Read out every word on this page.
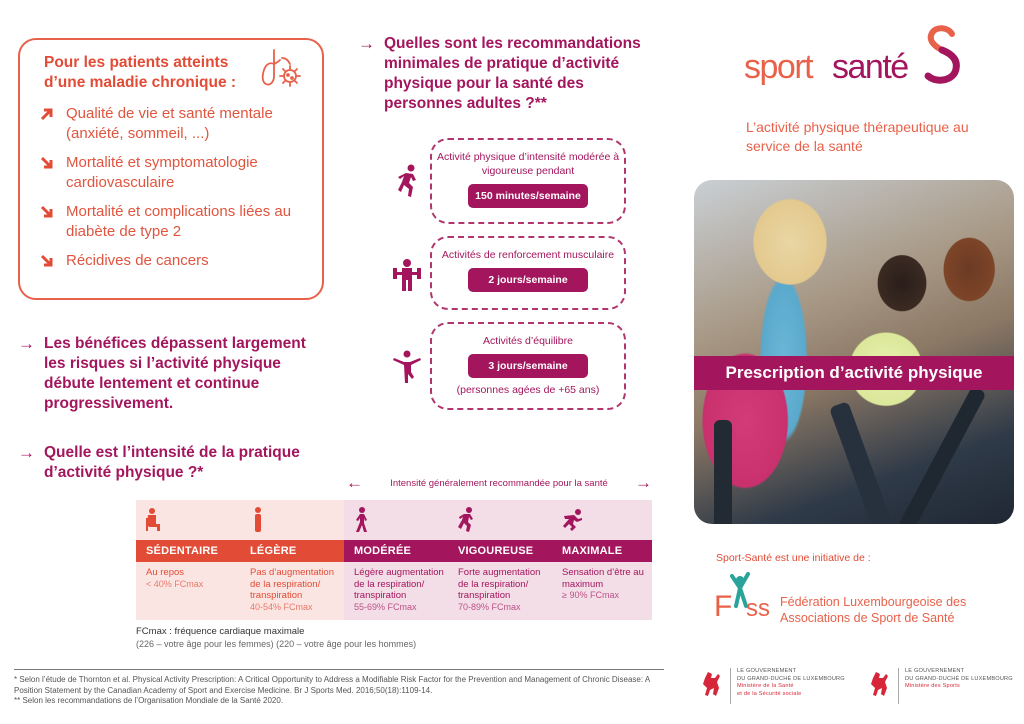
Pour les patients atteints d’une maladie chronique :
Qualité de vie et santé mentale (anxiété, sommeil, ...)
Mortalité et symptomatologie cardiovasculaire
Mortalité et complications liées au diabète de type 2
Récidives de cancers
→ Les bénéfices dépassent largement les risques si l’activité physique débute lentement et continue progressivement.
→ Quelle est l’intensité de la pratique d’activité physique ?*
→ Quelles sont les recommandations minimales de pratique d’activité physique pour la santé des personnes adultes ?**
Activité physique d’intensité modérée à vigoureuse pendant
150 minutes/semaine
Activités de renforcement musculaire
2 jours/semaine
Activités d’équilibre
3 jours/semaine
(personnes agées de +65 ans)
←	Intensité généralement recommandée pour la santé →
SÉDENTAIRE
Au repos
< 40% FCmax
LÉGÈRE
Pas d’augmentation de la respiration/ transpiration
40-54% FCmax
MODÉRÉE
Légère augmentation de la respiration/ transpiration
55-69% FCmax
VIGOUREUSE
Forte augmentation de la respiration/ transpiration
70-89% FCmax
MAXIMALE
Sensation d’être au maximum
≥ 90% FCmax
FCmax : fréquence cardiaque maximale
(226 – votre âge pour les femmes) (220 – votre âge pour les hommes)
* Selon l’étude de Thornton et al. Physical Activity Prescription: A Critical Opportunity to Address a Modifiable Risk Factor for the Prevention and Management of Chronic Disease: A Position Statement by the Canadian Academy of Sport and Exercise Medicine. Br J Sports Med. 2016;50(18):1109-14.
** Selon les recommandations de l’Organisation Mondiale de la Santé 2020.
sport santé
L’activité physique thérapeutique au service de la santé
Prescription d’activité physique
Sport-Santé est une initiative de :
F ss Fédération Luxembourgeoise des
Associations de Sport de Santé
LE GOUVERNEMENT
DU GRAND-DUCHÉ DE LUXEMBOURG
Ministère de la Santé
et de la Sécurité sociale
LE GOUVERNEMENT
DU GRAND-DUCHÉ DE LUXEMBOURG
Ministère des Sports
